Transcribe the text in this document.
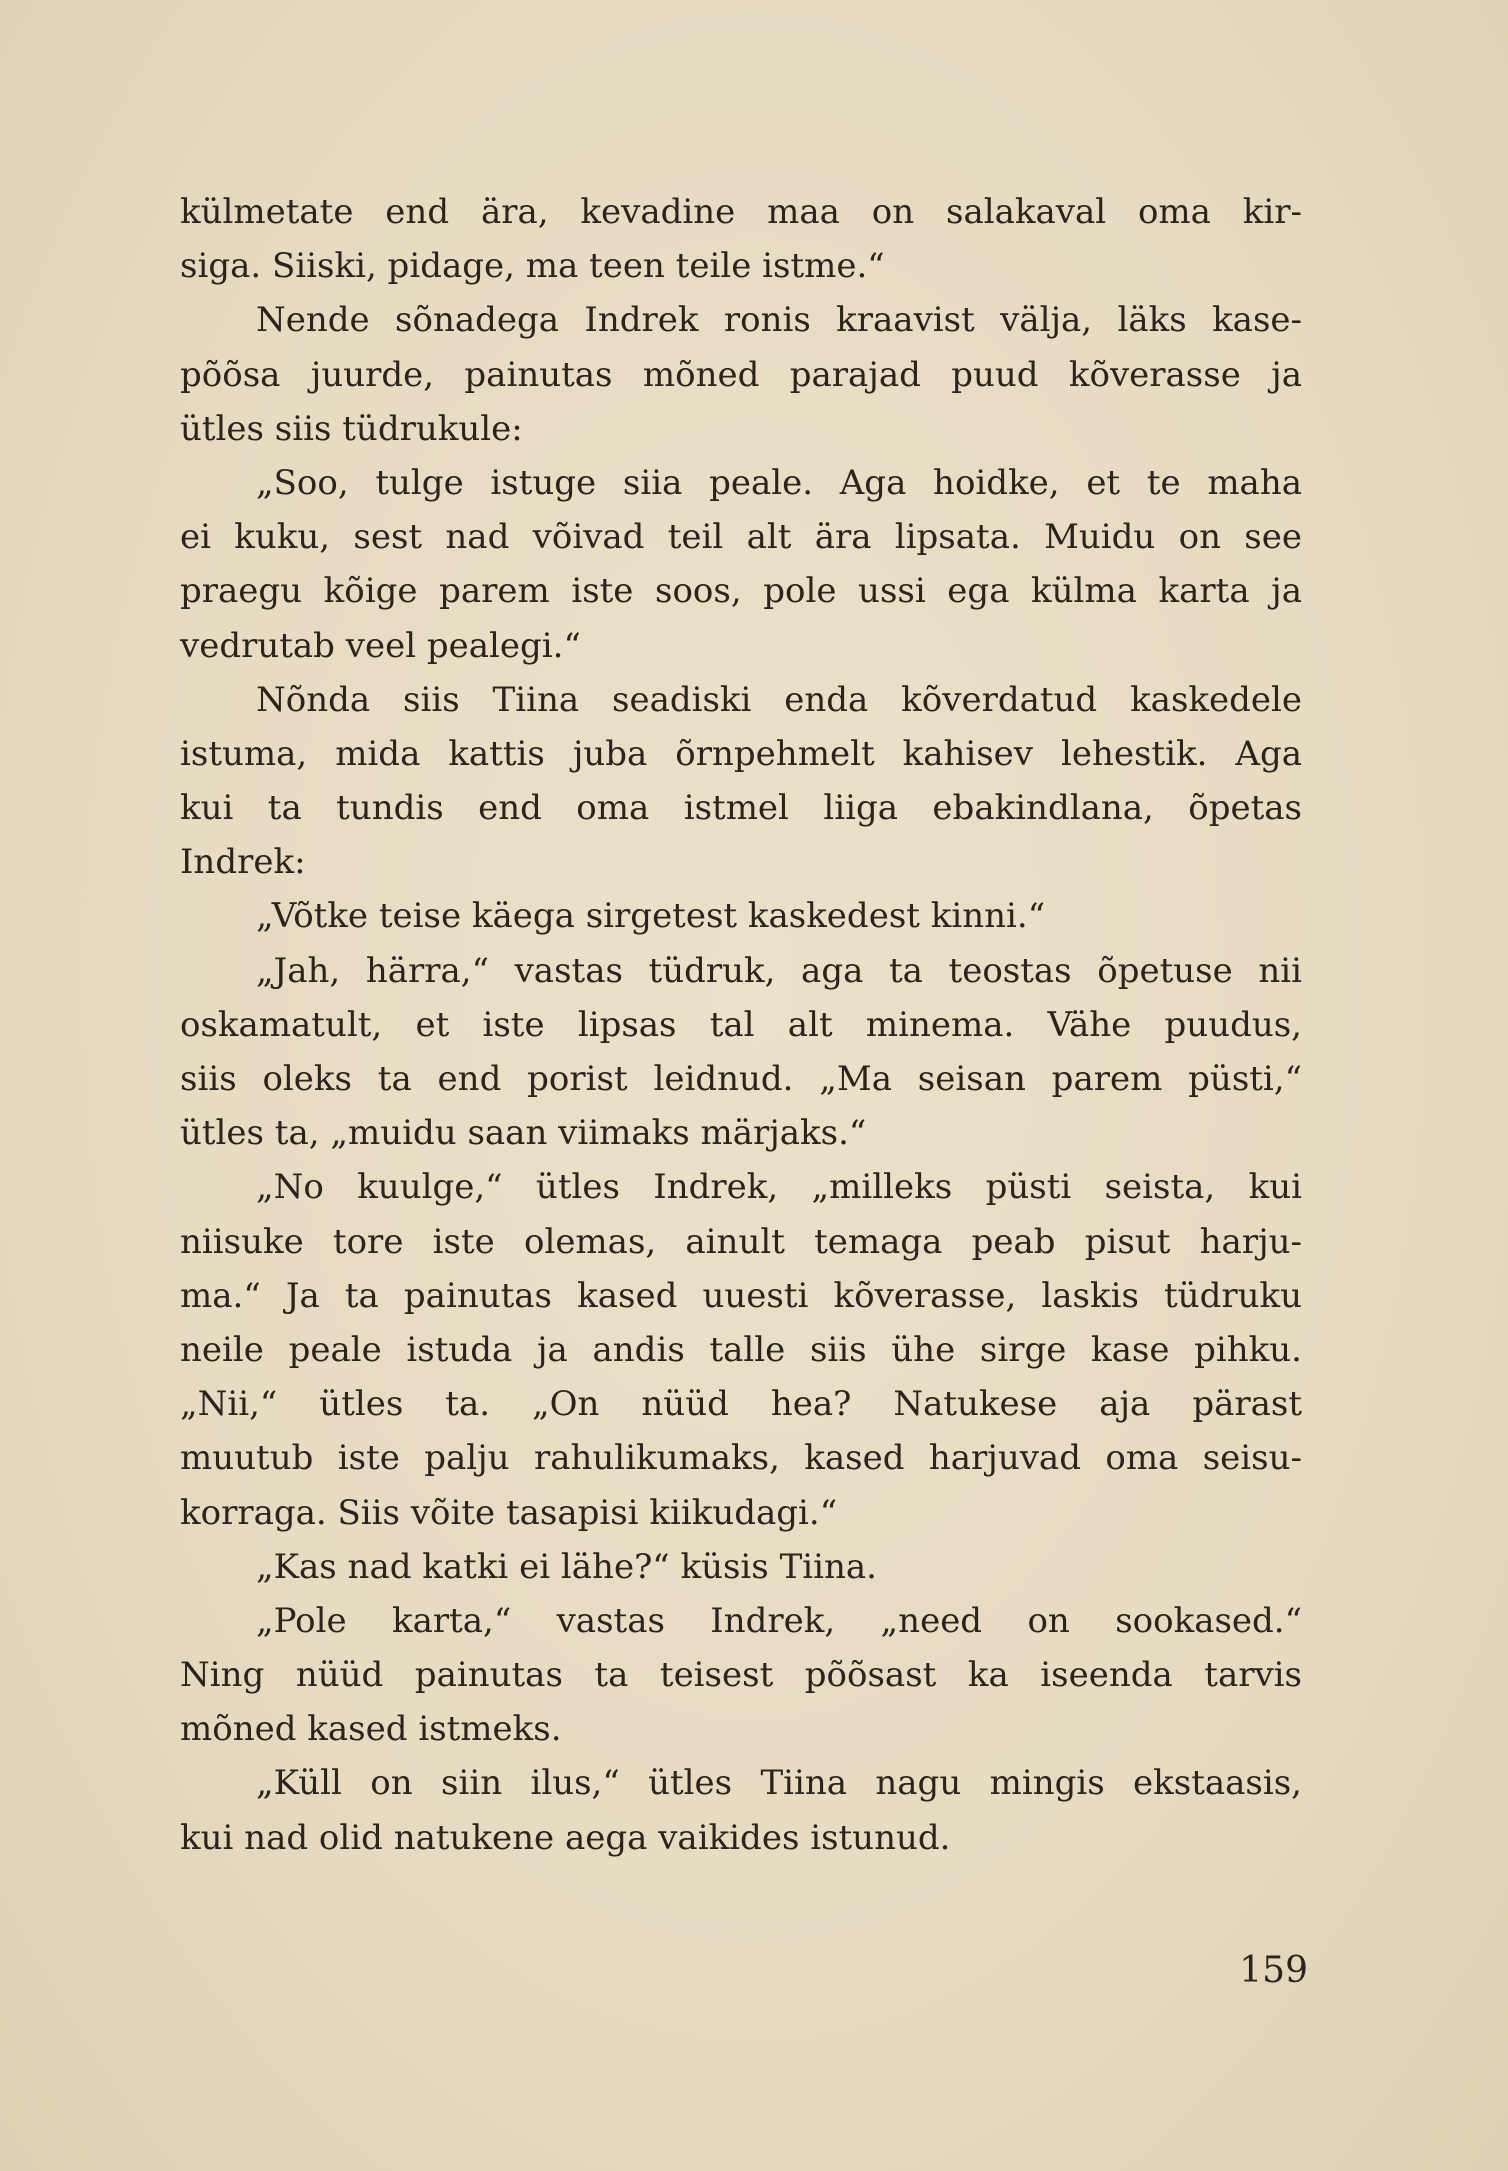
külmetate end ära, kevadine maa on salakaval oma kir-
siga. Siiski, pidage, ma teen teile istme.“
Nende sõnadega Indrek ronis kraavist välja, läks kase-
põõsa juurde, painutas mõned parajad puud kõverasse ja
ütles siis tüdrukule:
„Soo, tulge istuge siia peale. Aga hoidke, et te maha
ei kuku, sest nad võivad teil alt ära lipsata. Muidu on see
praegu kõige parem iste soos, pole ussi ega külma karta ja
vedrutab veel pealegi.“
Nõnda siis Tiina seadiski enda kõverdatud kaskedele
istuma, mida kattis juba õrnpehmelt kahisev lehestik. Aga
kui ta tundis end oma istmel liiga ebakindlana, õpetas
Indrek:
„Võtke teise käega sirgetest kaskedest kinni.“
„Jah, härra,“ vastas tüdruk, aga ta teostas õpetuse nii
oskamatult, et iste lipsas tal alt minema. Vähe puudus,
siis oleks ta end porist leidnud. „Ma seisan parem püsti,“
ütles ta, „muidu saan viimaks märjaks.“
„No kuulge,“ ütles Indrek, „milleks püsti seista, kui
niisuke tore iste olemas, ainult temaga peab pisut harju-
ma.“ Ja ta painutas kased uuesti kõverasse, laskis tüdruku
neile peale istuda ja andis talle siis ühe sirge kase pihku.
„Nii,“ ütles ta. „On nüüd hea? Natukese aja pärast
muutub iste palju rahulikumaks, kased harjuvad oma seisu-
korraga. Siis võite tasapisi kiikudagi.“
„Kas nad katki ei lähe?“ küsis Tiina.
„Pole karta,“ vastas Indrek, „need on sookased.“
Ning nüüd painutas ta teisest põõsast ka iseenda tarvis
mõned kased istmeks.
„Küll on siin ilus,“ ütles Tiina nagu mingis ekstaasis,
kui nad olid natukene aega vaikides istunud.
159
